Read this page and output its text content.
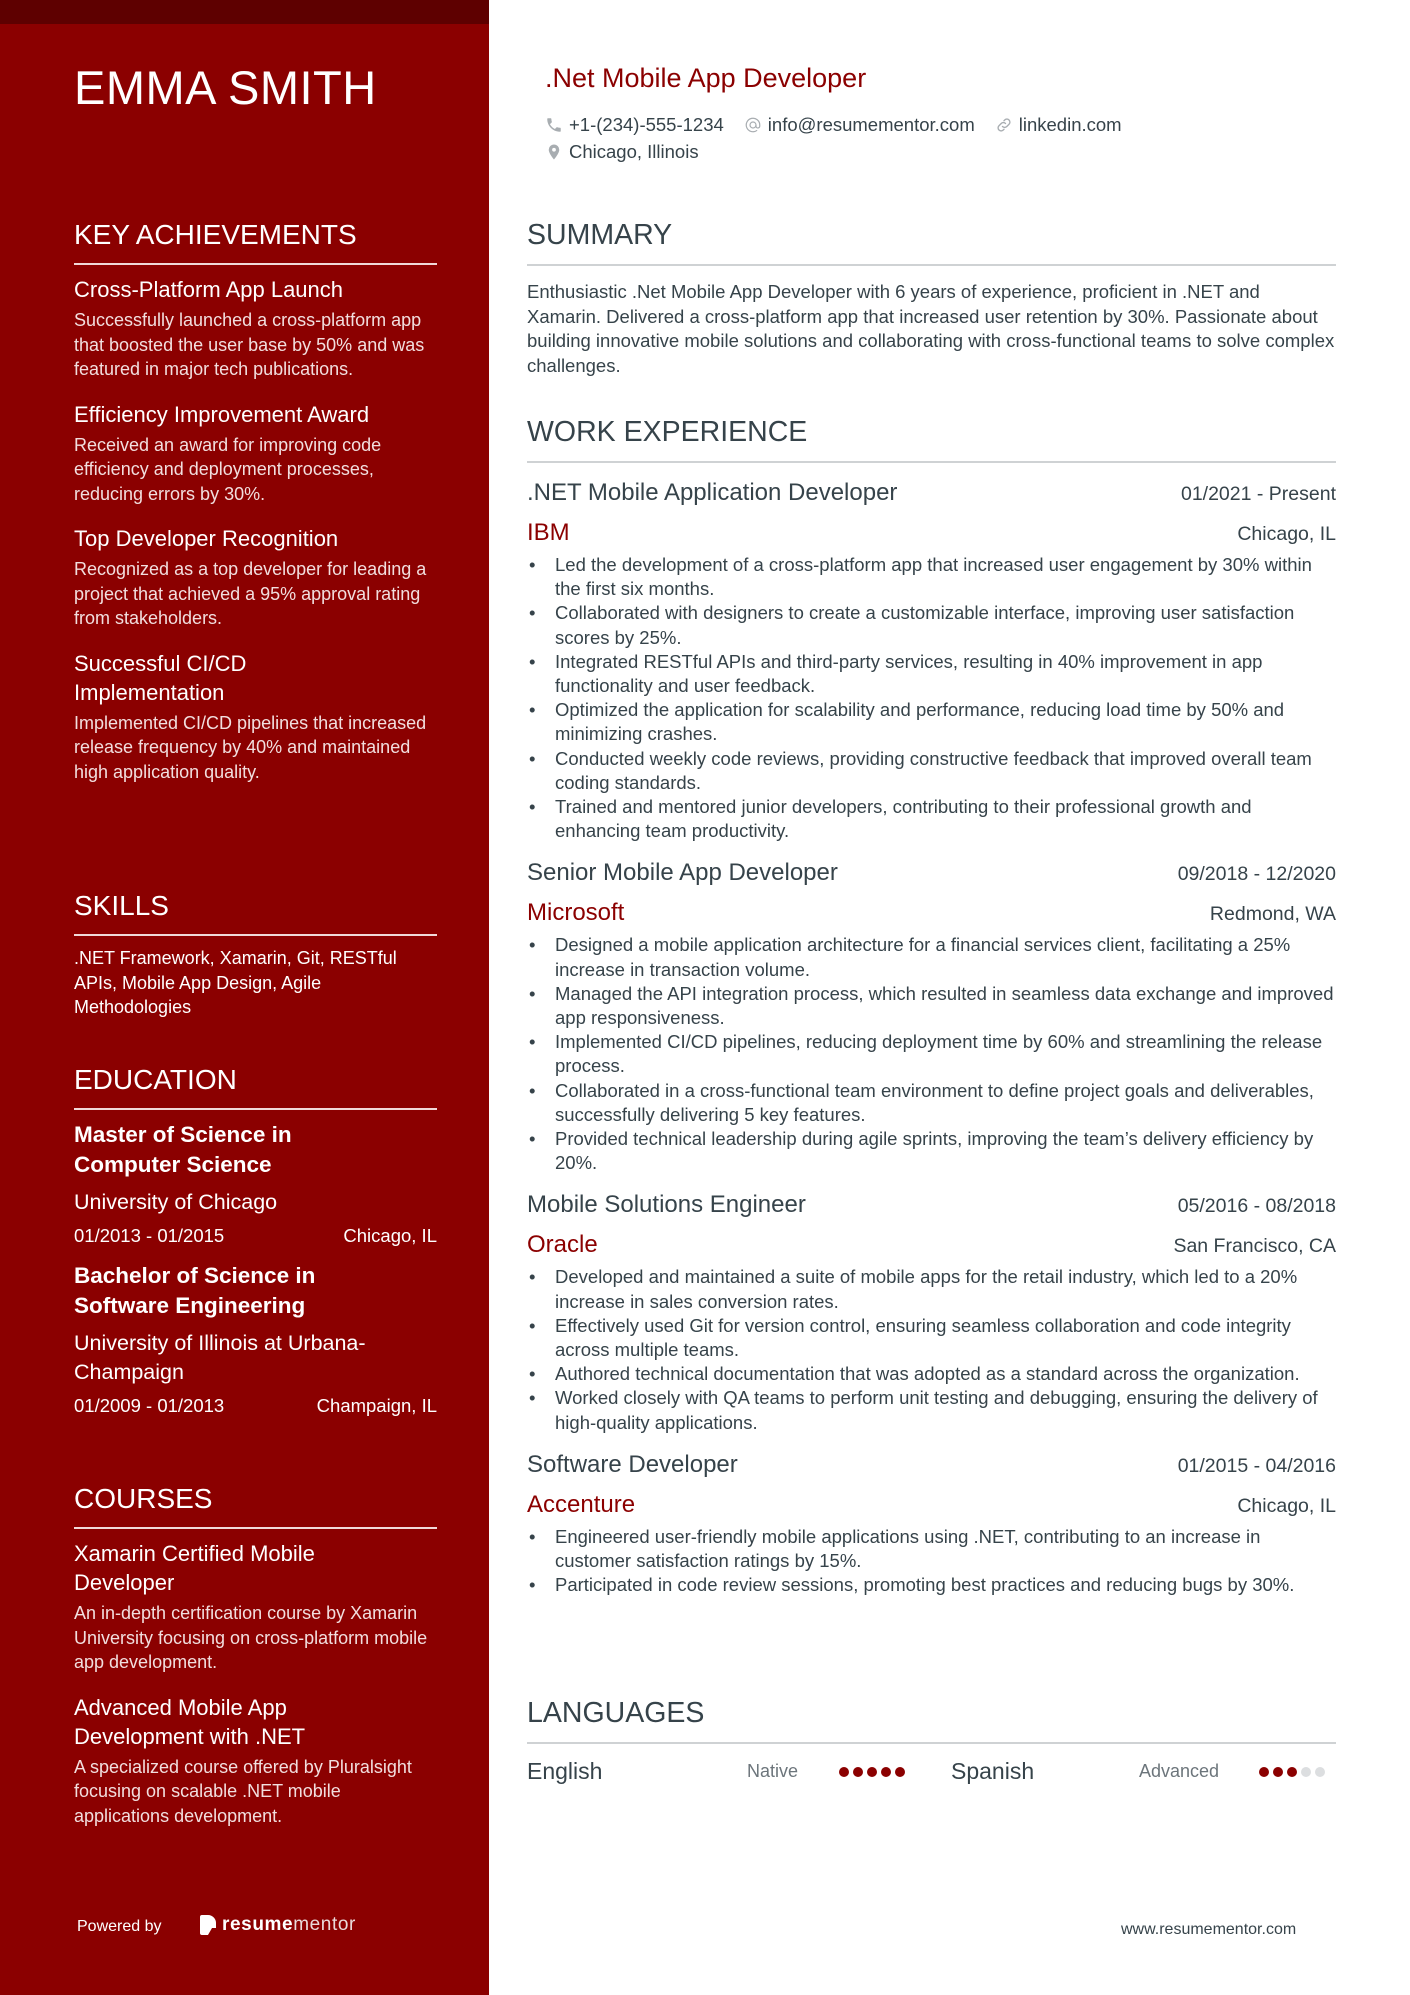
EMMA SMITH
KEY ACHIEVEMENTS
Cross-Platform App Launch
Successfully launched a cross-platform app that boosted the user base by 50% and was featured in major tech publications.
Efficiency Improvement Award
Received an award for improving code efficiency and deployment processes, reducing errors by 30%.
Top Developer Recognition
Recognized as a top developer for leading a project that achieved a 95% approval rating from stakeholders.
Successful CI/CD Implementation
Implemented CI/CD pipelines that increased release frequency by 40% and maintained high application quality.
SKILLS
.NET Framework, Xamarin, Git, RESTful APIs, Mobile App Design, Agile Methodologies
EDUCATION
Master of Science in Computer Science
University of Chicago
01/2013 - 01/2015	Chicago, IL
Bachelor of Science in Software Engineering
University of Illinois at Urbana-Champaign
01/2009 - 01/2013	Champaign, IL
COURSES
Xamarin Certified Mobile Developer
An in-depth certification course by Xamarin University focusing on cross-platform mobile app development.
Advanced Mobile App Development with .NET
A specialized course offered by Pluralsight focusing on scalable .NET mobile applications development.
Powered by	resumementor
.Net Mobile App Developer
+1-(234)-555-1234 info@resumementor.com linkedin.com
Chicago, Illinois
SUMMARY
Enthusiastic .Net Mobile App Developer with 6 years of experience, proficient in .NET and Xamarin. Delivered a cross-platform app that increased user retention by 30%. Passionate about building innovative mobile solutions and collaborating with cross-functional teams to solve complex challenges.
WORK EXPERIENCE
.NET Mobile Application Developer	01/2021 - Present
IBM	Chicago, IL
• Led the development of a cross-platform app that increased user engagement by 30% within the first six months.
• Collaborated with designers to create a customizable interface, improving user satisfaction scores by 25%.
• Integrated RESTful APIs and third-party services, resulting in 40% improvement in app functionality and user feedback.
• Optimized the application for scalability and performance, reducing load time by 50% and minimizing crashes.
• Conducted weekly code reviews, providing constructive feedback that improved overall team coding standards.
• Trained and mentored junior developers, contributing to their professional growth and enhancing team productivity.
Senior Mobile App Developer	09/2018 - 12/2020
Microsoft	Redmond, WA
• Designed a mobile application architecture for a financial services client, facilitating a 25% increase in transaction volume.
• Managed the API integration process, which resulted in seamless data exchange and improved app responsiveness.
• Implemented CI/CD pipelines, reducing deployment time by 60% and streamlining the release process.
• Collaborated in a cross-functional team environment to define project goals and deliverables, successfully delivering 5 key features.
• Provided technical leadership during agile sprints, improving the team’s delivery efficiency by 20%.
Mobile Solutions Engineer	05/2016 - 08/2018
Oracle	San Francisco, CA
• Developed and maintained a suite of mobile apps for the retail industry, which led to a 20% increase in sales conversion rates.
• Effectively used Git for version control, ensuring seamless collaboration and code integrity across multiple teams.
• Authored technical documentation that was adopted as a standard across the organization.
• Worked closely with QA teams to perform unit testing and debugging, ensuring the delivery of high-quality applications.
Software Developer	01/2015 - 04/2016
Accenture	Chicago, IL
• Engineered user-friendly mobile applications using .NET, contributing to an increase in customer satisfaction ratings by 15%.
• Participated in code review sessions, promoting best practices and reducing bugs by 30%.
LANGUAGES
English	Native	Spanish	Advanced
www.resumementor.com
